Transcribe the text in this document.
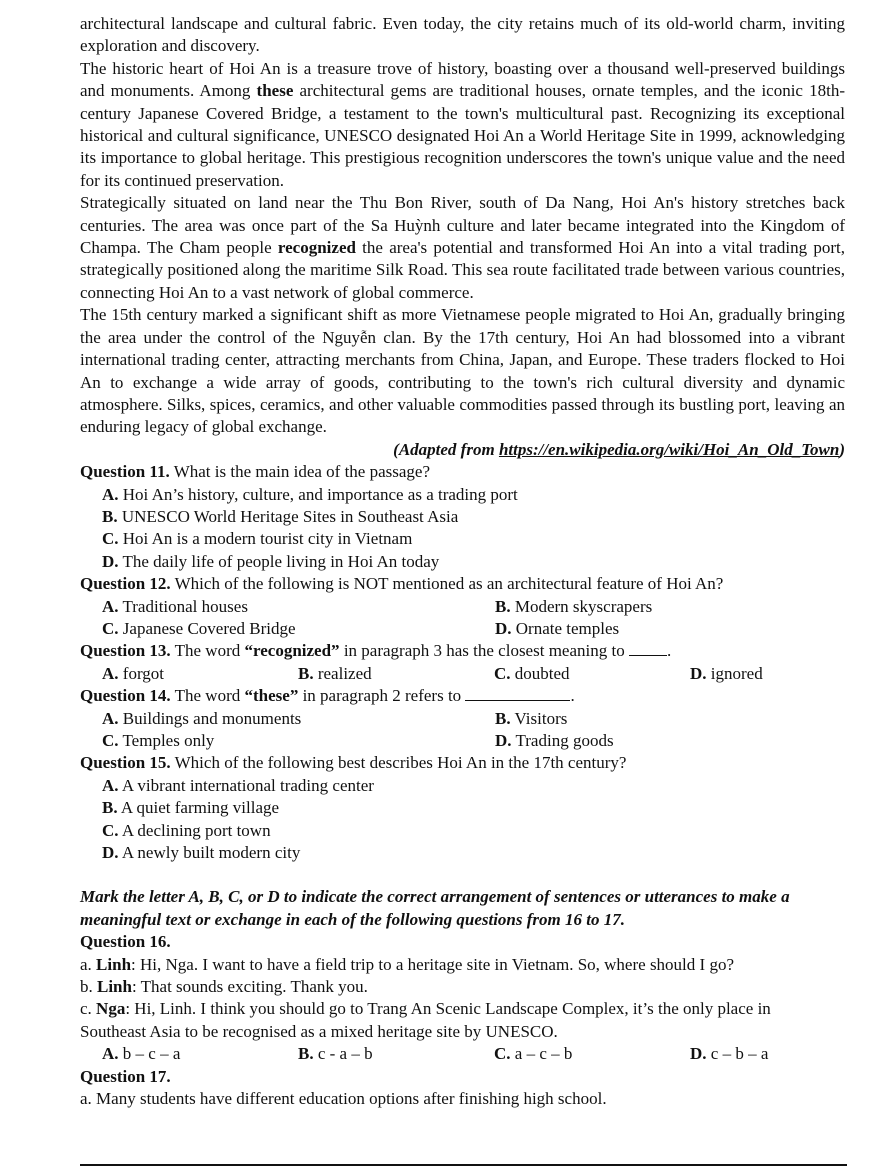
architectural landscape and cultural fabric. Even today, the city retains much of its old-world charm, inviting exploration and discovery.

The historic heart of Hoi An is a treasure trove of history, boasting over a thousand well-preserved buildings and monuments. Among these architectural gems are traditional houses, ornate temples, and the iconic 18th-century Japanese Covered Bridge, a testament to the town's multicultural past. Recognizing its exceptional historical and cultural significance, UNESCO designated Hoi An a World Heritage Site in 1999, acknowledging its importance to global heritage. This prestigious recognition underscores the town's unique value and the need for its continued preservation.

Strategically situated on land near the Thu Bon River, south of Da Nang, Hoi An's history stretches back centuries. The area was once part of the Sa Huỳnh culture and later became integrated into the Kingdom of Champa. The Cham people recognized the area's potential and transformed Hoi An into a vital trading port, strategically positioned along the maritime Silk Road. This sea route facilitated trade between various countries, connecting Hoi An to a vast network of global commerce.

The 15th century marked a significant shift as more Vietnamese people migrated to Hoi An, gradually bringing the area under the control of the Nguyễn clan. By the 17th century, Hoi An had blossomed into a vibrant international trading center, attracting merchants from China, Japan, and Europe. These traders flocked to Hoi An to exchange a wide array of goods, contributing to the town's rich cultural diversity and dynamic atmosphere. Silks, spices, ceramics, and other valuable commodities passed through its bustling port, leaving an enduring legacy of global exchange.

(Adapted from https://en.wikipedia.org/wiki/Hoi_An_Old_Town)

Question 11. What is the main idea of the passage?

A. Hoi An’s history, culture, and importance as a trading port

B. UNESCO World Heritage Sites in Southeast Asia

C. Hoi An is a modern tourist city in Vietnam

D. The daily life of people living in Hoi An today

Question 12. Which of the following is NOT mentioned as an architectural feature of Hoi An?

A. Traditional houses	B. Modern skyscrapers
C. Japanese Covered Bridge	D. Ornate temples

Question 13. The word “recognized” in paragraph 3 has the closest meaning to .

A. forgot	B. realized	C. doubted	D. ignored

Question 14. The word “these” in paragraph 2 refers to	.

A. Buildings and monuments	B. Visitors
C. Temples only	D. Trading goods

Question 15. Which of the following best describes Hoi An in the 17th century?

A. A vibrant international trading center

B. A quiet farming village

C. A declining port town

D. A newly built modern city

Mark the letter A, B, C, or D to indicate the correct arrangement of sentences or utterances to make a meaningful text or exchange in each of the following questions from 16 to 17.

Question 16.

a. Linh: Hi, Nga. I want to have a field trip to a heritage site in Vietnam. So, where should I go?

b. Linh: That sounds exciting. Thank you.

c. Nga: Hi, Linh. I think you should go to Trang An Scenic Landscape Complex, it’s the only place in Southeast Asia to be recognised as a mixed heritage site by UNESCO.

A. b – c – a	B. c - a – b	C. a – c – b	D. c – b – a

Question 17.

a. Many students have different education options after finishing high school.
